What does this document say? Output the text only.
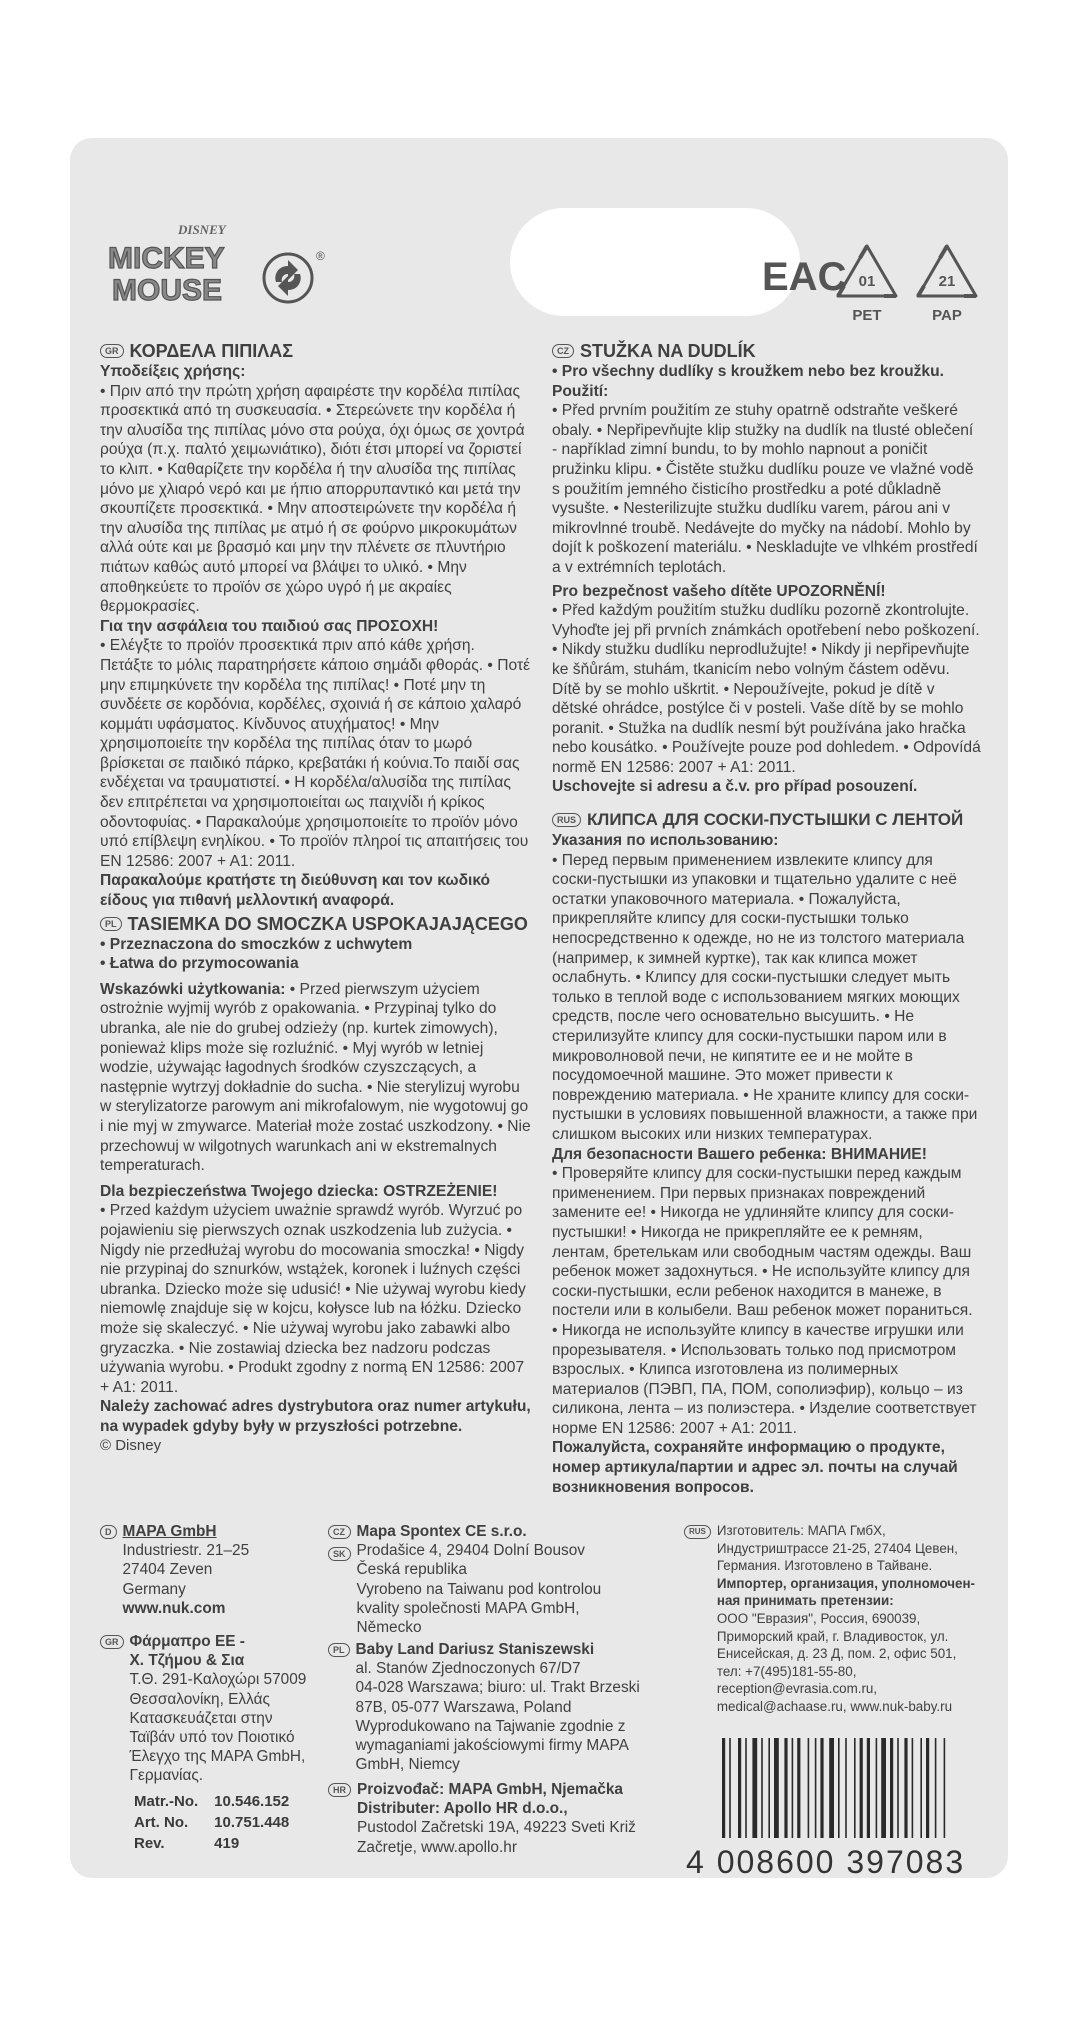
DISNEY
MICKEY
MOUSE
®	EAC 01
PET
21
PAP
GR ΚΟΡΔΕΛΑ ΠΙΠΙΛΑΣ

Υποδείξεις χρήσης:

• Πριν από την πρώτη χρήση αφαιρέστε την κορδέλα πιπίλας προσεκτικά από τη συσκευασία. • Στερεώνετε την κορδέλα ή την αλυσίδα της πιπίλας μόνο στα ρούχα, όχι όμως σε χοντρά ρούχα (π.χ. παλτό χειμωνιάτικο), διότι έτσι μπορεί να ζοριστεί το κλιπ. • Καθαρίζετε την κορδέλα ή την αλυσίδα της πιπίλας μόνο με χλιαρό νερό και με ήπιο απορρυπαντικό και μετά την σκουπίζετε προσεκτικά. • Μην αποστειρώνετε την κορδέλα ή την αλυσίδα της πιπίλας με ατμό ή σε φούρνο μικροκυμάτων αλλά ούτε και με βρασμό και μην την πλένετε σε πλυντήριο πιάτων καθώς αυτό μπορεί να βλάψει το υλικό. • Μην αποθηκεύετε το προϊόν σε χώρο υγρό ή με ακραίες θερμοκρασίες.

Για την ασφάλεια του παιδιού σας ΠΡΟΣΟΧΗ!

• Ελέγξτε το προϊόν προσεκτικά πριν από κάθε χρήση. Πετάξτε το μόλις παρατηρήσετε κάποιο σημάδι φθοράς. • Ποτέ μην επιμηκύνετε την κορδέλα της πιπίλας! • Ποτέ μην τη συνδέετε σε κορδόνια, κορδέλες, σχοινιά ή σε κάποιο χαλαρό κομμάτι υφάσματος. Κίνδυνος ατυχήματος! • Μην χρησιμοποιείτε την κορδέλα της πιπίλας όταν το μωρό βρίσκεται σε παιδικό πάρκο, κρεβατάκι ή κούνια.Το παιδί σας ενδέχεται να τραυματιστεί. • Η κορδέλα/αλυσίδα της πιπίλας δεν επιτρέπεται να χρησιμοποιείται ως παιχνίδι ή κρίκος οδοντοφυίας. • Παρακαλούμε χρησιμοποιείτε το προϊόν μόνο υπό επίβλεψη ενηλίκου. • Το προϊόν πληροί τις απαιτήσεις του EN 12586: 2007 + A1: 2011.

Παρακαλούμε κρατήστε τη διεύθυνση και τον κωδικό είδους για πιθανή μελλοντική αναφορά.

PL TASIEMKA DO SMOCZKA USPOKAJAJĄCEGO

• Przeznaczona do smoczków z uchwytem

• Łatwa do przymocowania

Wskazówki użytkowania: • Przed pierwszym użyciem ostrożnie wyjmij wyrób z opakowania. • Przypinaj tylko do ubranka, ale nie do grubej odzieży (np. kurtek zimowych), ponieważ klips może się rozluźnić. • Myj wyrób w letniej wodzie, używając łagodnych środków czyszczących, a następnie wytrzyj dokładnie do sucha. • Nie sterylizuj wyrobu w sterylizatorze parowym ani mikrofalowym, nie wygotowuj go i nie myj w zmywarce. Materiał może zostać uszkodzony. • Nie przechowuj w wilgotnych warunkach ani w ekstremalnych temperaturach.

Dla bezpieczeństwa Twojego dziecka: OSTRZEŻENIE!

• Przed każdym użyciem uważnie sprawdź wyrób. Wyrzuć po pojawieniu się pierwszych oznak uszkodzenia lub zużycia. • Nigdy nie przedłużaj wyrobu do mocowania smoczka! • Nigdy nie przypinaj do sznurków, wstążek, koronek i luźnych części ubranka. Dziecko może się udusić! • Nie używaj wyrobu kiedy niemowlę znajduje się w kojcu, kołysce lub na łóżku. Dziecko może się skaleczyć. • Nie używaj wyrobu jako zabawki albo gryzaczka. • Nie zostawiaj dziecka bez nadzoru podczas używania wyrobu. • Produkt zgodny z normą EN 12586: 2007 + A1: 2011.

Należy zachować adres dystrybutora oraz numer artykułu, na wypadek gdyby były w przyszłości potrzebne.

© Disney

CZ STUŽKA NA DUDLÍK

• Pro všechny dudlíky s kroužkem nebo bez kroužku.

Použití:

• Před prvním použitím ze stuhy opatrně odstraňte veškeré obaly. • Nepřipevňujte klip stužky na dudlík na tlusté oblečení - například zimní bundu, to by mohlo napnout a poničit pružinku klipu. • Čistěte stužku dudlíku pouze ve vlažné vodě s použitím jemného čisticího prostředku a poté důkladně vysušte. • Nesterilizujte stužku dudlíku varem, párou ani v mikrovlnné troubě. Nedávejte do myčky na nádobí. Mohlo by dojít k poškození materiálu. • Neskladujte ve vlhkém prostředí a v extrémních teplotách.

Pro bezpečnost vašeho dítěte UPOZORNĚNÍ!

• Před každým použitím stužku dudlíku pozorně zkontrolujte. Vyhoďte jej při prvních známkách opotřebení nebo poškození. • Nikdy stužku dudlíku neprodlužujte! • Nikdy ji nepřipevňujte ke šňůrám, stuhám, tkanicím nebo volným částem oděvu. Dítě by se mohlo uškrtit. • Nepoužívejte, pokud je dítě v dětské ohrádce, postýlce či v posteli. Vaše dítě by se mohlo poranit. • Stužka na dudlík nesmí být používána jako hračka nebo kousátko. • Používejte pouze pod dohledem. • Odpovídá normě EN 12586: 2007 + A1: 2011.

Uschovejte si adresu a č.v. pro případ posouzení.

RUS КЛИПСА ДЛЯ СОСКИ-ПУСТЫШКИ С ЛЕНТОЙ

Указания по использованию:

• Перед первым применением извлеките клипсу для соски-пустышки из упаковки и тщательно удалите с неё остатки упаковочного материала. • Пожалуйста, прикрепляйте клипсу для соски-пустышки только непосредственно к одежде, но не из толстого материала (например, к зимней куртке), так как клипса может ослабнуть. • Клипсу для соски-пустышки следует мыть только в теплой воде с использованием мягких моющих средств, после чего основательно высушить. • Не стерилизуйте клипсу для соски-пустышки паром или в микроволновой печи, не кипятите ее и не мойте в посудомоечной машине. Это может привести к повреждению материала. • Не храните клипсу для соски-пустышки в условиях повышенной влажности, а также при слишком высоких или низких температурах.

Для безопасности Вашего ребенка: ВНИМАНИЕ!

• Проверяйте клипсу для соски-пустышки перед каждым применением. При первых признаках повреждений замените ее! • Никогда не удлиняйте клипсу для соски-пустышки! • Никогда не прикрепляйте ее к ремням, лентам, бретелькам или свободным частям одежды. Ваш ребенок может задохнуться. • Не используйте клипсу для соски-пустышки, если ребенок находится в манеже, в постели или в колыбели. Ваш ребенок может пораниться. • Никогда не используйте клипсу в качестве игрушки или прорезывателя. • Использовать только под присмотром взрослых. • Клипса изготовлена из полимерных материалов (ПЭВП, ПА, ПОМ, сополиэфир), кольцо – из силикона, лента – из полиэстера. • Изделие соответствует норме EN 12586: 2007 + A1: 2011.

Пожалуйста, сохраняйте информацию о продукте, номер артикула/партии и адрес эл. почты на случай возникновения вопросов.

D MAPA GmbH
Industriestr. 21–25
27404 Zeven
Germany
www.nuk.com
GR Φάρμαπρο ΕΕ -
Χ. Τζήμου & Σια
Τ.Θ. 291-Καλοχώρι 57009
Θεσσαλονίκη, Ελλάς
Κατασκευάζεται στην
Ταϊβάν υπό τον Ποιοτικό
Έλεγχο της MAPA GmbH,
Γερμανίας.
Matr.-No.	10.546.152
Art. No.	10.751.448
Rev.	419
CZ
SK
Mapa Spontex CE s.r.o.
Prodašice 4, 29404 Dolní Bousov
Česká republika
Vyrobeno na Taiwanu pod kontrolou
kvality společnosti MAPA GmbH,
Německo
PL Baby Land Dariusz Staniszewski
al. Stanów Zjednoczonych 67/D7
04-028 Warszawa; biuro: ul. Trakt Brzeski
87B, 05-077 Warszawa, Poland
Wyprodukowano na Tajwanie zgodnie z
wymaganiami jakościowymi firmy MAPA
GmbH, Niemcy
HR Proizvođač: MAPA GmbH, Njemačka
Distributer: Apollo HR d.o.o.,
Pustodol Začretski 19A, 49223 Sveti Križ
Začretje, www.apollo.hr
RUS Изготовитель: МАПА ГмбХ,
Индустриштрассе 21-25, 27404 Цевен,
Германия. Изготовлено в Тайване.
Импортер, организация, уполномочен-
ная принимать претензии:
ООО "Евразия", Россия, 690039,
Приморский край, г. Владивосток, ул.
Енисейская, д. 23 Д, пом. 2, офис 501,
тел: +7(495)181-55-80,
reception@evrasia.com.ru,
medical@achaase.ru, www.nuk-baby.ru
4 008600 397083
